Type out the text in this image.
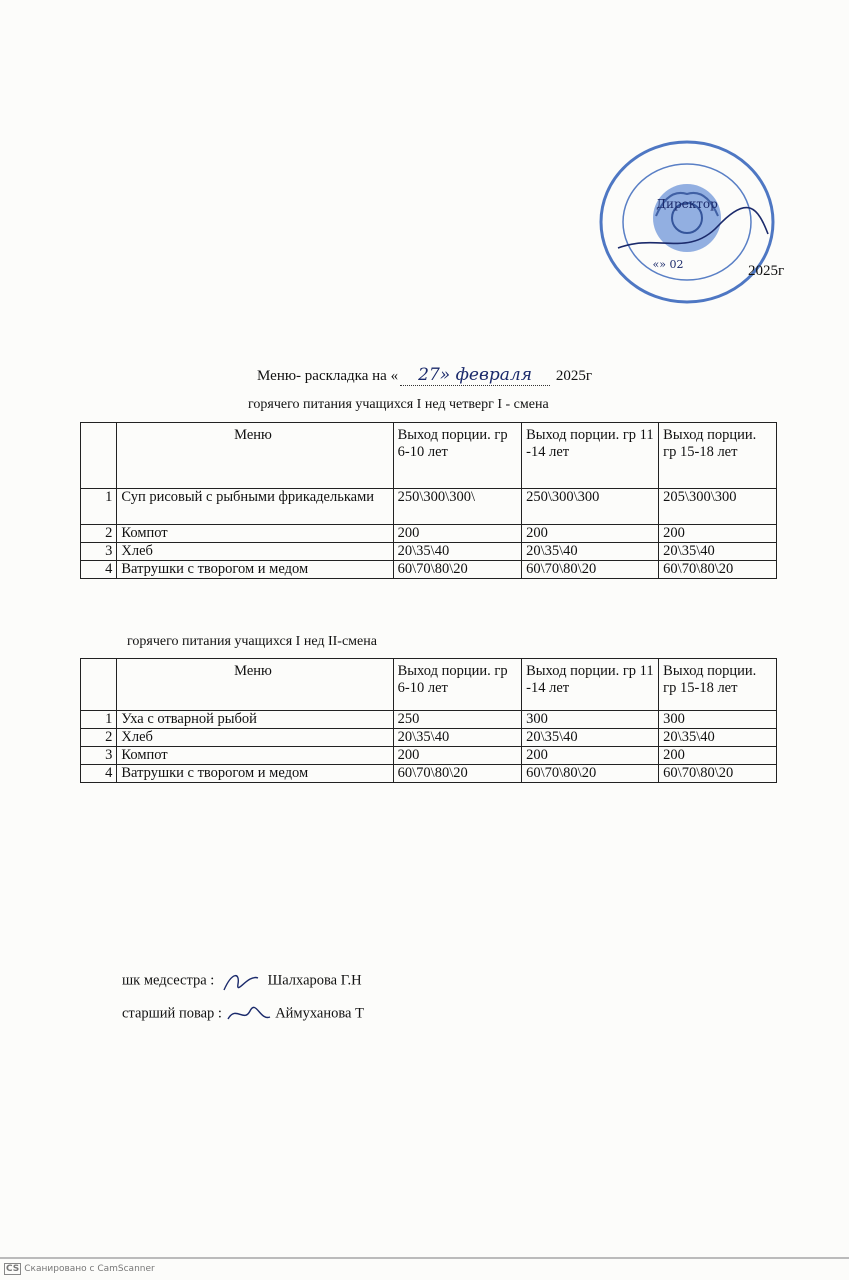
Директор
«» 02	2025г
Меню- раскладка на « 27» февраля 2025г
горячего питания учащихся I нед четверг I - смена
	Меню	Выход порции. гр 6-10 лет	Выход порции. гр 11 -14 лет	Выход порции. гр 15-18 лет
1	Суп рисовый с рыбными фрикадельками	250\300\300\	250\300\300	205\300\300
2	Компот	200	200	200
3	Хлеб	20\35\40	20\35\40	20\35\40
4	Ватрушки с творогом и медом	60\70\80\20	60\70\80\20	60\70\80\20
горячего питания учащихся I нед II-смена
	Меню	Выход порции. гр 6-10 лет	Выход порции. гр 11 -14 лет	Выход порции. гр 15-18 лет
1	Уха с отварной рыбой	250	300	300
2	Хлеб	20\35\40	20\35\40	20\35\40
3	Компот	200	200	200
4	Ватрушки с творогом и медом	60\70\80\20	60\70\80\20	60\70\80\20
шк медсестра :	Шалхарова Г.Н
старший повар :	Аймуханова Т
CS Сканировано с CamScanner
